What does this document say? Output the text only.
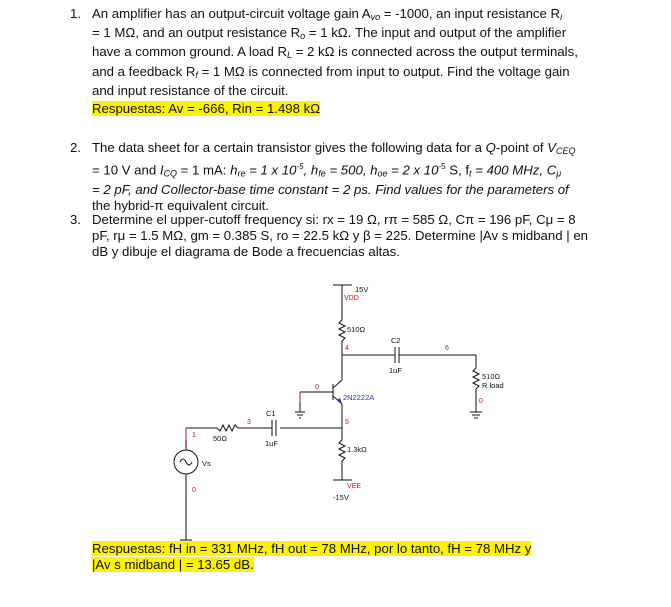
1. An amplifier has an output-circuit voltage gain $A_{vo} = -1000$, an input resistance $R_i$
= 1 MΩ, and an output resistance $R_o = 1$ kΩ. The input and output of the amplifier
have a common ground. A load $R_L = 2$ kΩ is connected across the output terminals,
and a feedback $R_f = 1$ MΩ is connected from input to output. Find the voltage gain
and input resistance of the circuit.
Respuestas: Av = -666, Rin = 1.498 kΩ
2. The data sheet for a certain transistor gives the following data for a Q-point of $V_{CEQ}$
= 10 V and $I_{CQ} = 1$ mA: $h_{re} = 1$ x $10^{-5}$, $h_{fe} = 500$, $h_{oe} = 2$ x $10^{-5}$ S, $f_t = 400$ MHz, $C_\mu$
= 2 pF, and Collector-base time constant = 2 ps. Find values for the parameters of
the hybrid-π equivalent circuit.
3. Determine el upper-cutoff frequency si: rx = 19 Ω, rπ = 585 Ω, Cπ = 196 pF, Cμ = 8
pF, rμ = 1.5 MΩ, gm = 0.385 S, ro = 22.5 kΩ y β = 225. Determine |Av s midband | en
dB y dibuje el diagrama de Bode a frecuencias altas.
15V
VDD
510Ω
4
C2
1uF
6
510Ω
R load
0
2N2222A
0
5
1.3kΩ
VEE
-15V
C1
1uF
3
50Ω
1
Vs
0
Respuestas: fH in = 331 MHz, fH out = 78 MHz, por lo tanto, fH = 78 MHz y
|Av s midband | = 13.65 dB.
